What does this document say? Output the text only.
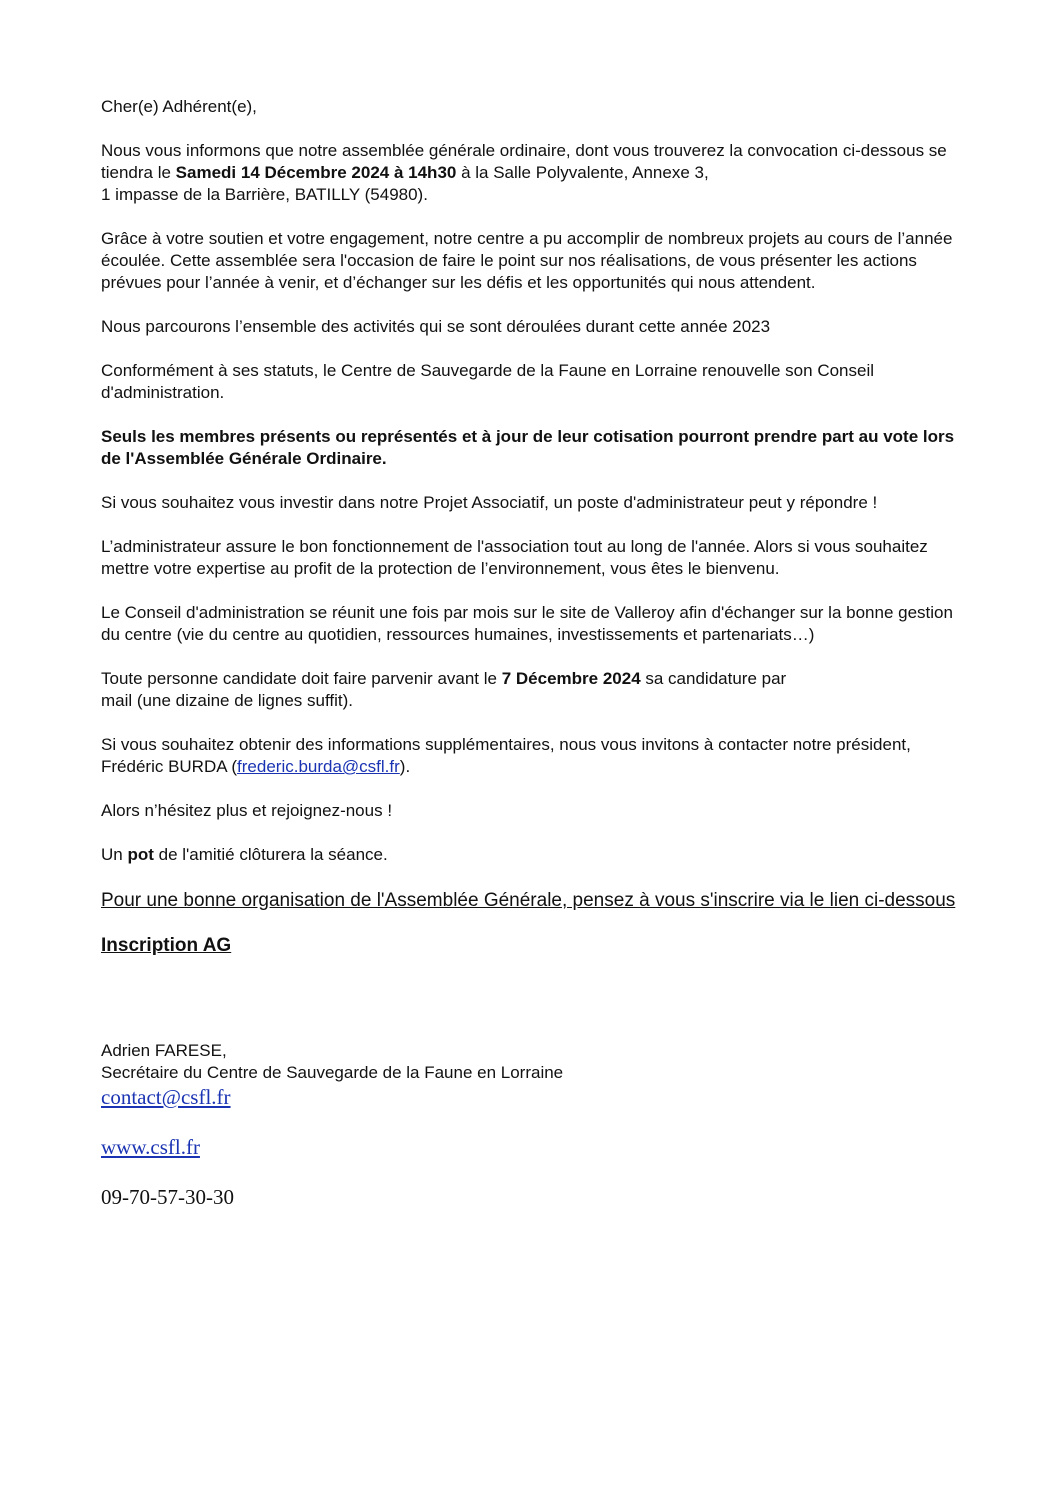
Cher(e) Adhérent(e),

Nous vous informons que notre assemblée générale ordinaire, dont vous trouverez la convocation ci-dessous se tiendra le Samedi 14 Décembre 2024 à 14h30 à la Salle Polyvalente, Annexe 3,
1 impasse de la Barrière, BATILLY (54980).

Grâce à votre soutien et votre engagement, notre centre a pu accomplir de nombreux projets au cours de l’année écoulée. Cette assemblée sera l'occasion de faire le point sur nos réalisations, de vous présenter les actions prévues pour l’année à venir, et d’échanger sur les défis et les opportunités qui nous attendent.

Nous parcourons l’ensemble des activités qui se sont déroulées durant cette année 2023

Conformément à ses statuts, le Centre de Sauvegarde de la Faune en Lorraine renouvelle son Conseil d'administration.

Seuls les membres présents ou représentés et à jour de leur cotisation pourront prendre part au vote lors de l'Assemblée Générale Ordinaire.

Si vous souhaitez vous investir dans notre Projet Associatif, un poste d'administrateur peut y répondre !

L’administrateur assure le bon fonctionnement de l'association tout au long de l'année. Alors si vous souhaitez mettre votre expertise au profit de la protection de l’environnement, vous êtes le bienvenu.

Le Conseil d'administration se réunit une fois par mois sur le site de Valleroy afin d'échanger sur la bonne gestion du centre (vie du centre au quotidien, ressources humaines, investissements et partenariats…)

Toute personne candidate doit faire parvenir avant le 7 Décembre 2024 sa candidature par
mail (une dizaine de lignes suffit).

Si vous souhaitez obtenir des informations supplémentaires, nous vous invitons à contacter notre président, Frédéric BURDA (frederic.burda@csfl.fr).

Alors n’hésitez plus et rejoignez-nous !

Un pot de l'amitié clôturera la séance.

Pour une bonne organisation de l'Assemblée Générale, pensez à vous s'inscrire via le lien ci-dessous

Inscription AG

Adrien FARESE,

Secrétaire du Centre de Sauvegarde de la Faune en Lorraine

contact@csfl.fr

www.csfl.fr

09-70-57-30-30
